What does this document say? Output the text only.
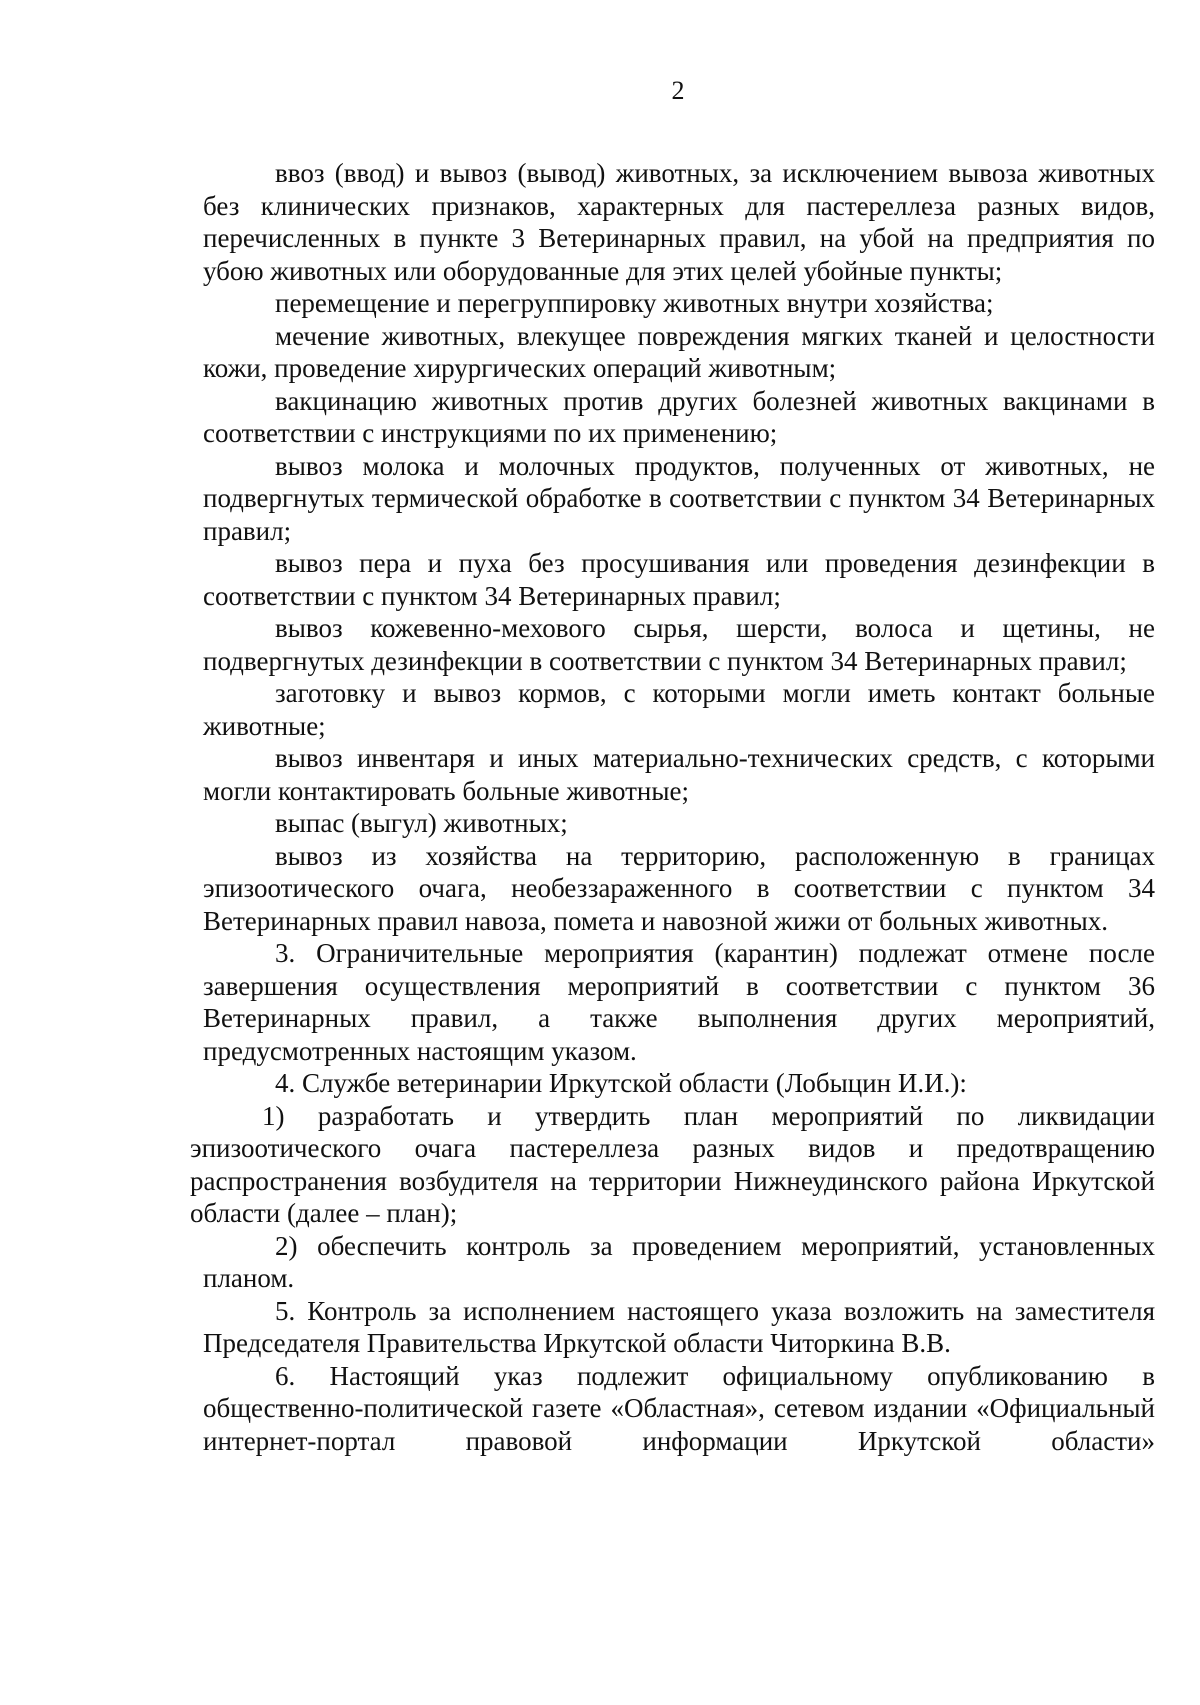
2

ввоз (ввод) и вывоз (вывод) животных, за исключением вывоза животных без клинических признаков, характерных для пастереллеза разных видов, перечисленных в пункте 3 Ветеринарных правил, на убой на предприятия по убою животных или оборудованные для этих целей убойные пункты;

перемещение и перегруппировку животных внутри хозяйства;

мечение животных, влекущее повреждения мягких тканей и целостности кожи, проведение хирургических операций животным;

вакцинацию животных против других болезней животных вакцинами в соответствии с инструкциями по их применению;

вывоз молока и молочных продуктов, полученных от животных, не подвергнутых термической обработке в соответствии с пунктом 34 Ветеринарных правил;

вывоз пера и пуха без просушивания или проведения дезинфекции в соответствии с пунктом 34 Ветеринарных правил;

вывоз кожевенно-мехового сырья, шерсти, волоса и щетины, не подвергнутых дезинфекции в соответствии с пунктом 34 Ветеринарных правил;

заготовку и вывоз кормов, с которыми могли иметь контакт больные животные;

вывоз инвентаря и иных материально-технических средств, с которыми могли контактировать больные животные;

выпас (выгул) животных;

вывоз из хозяйства на территорию, расположенную в границах эпизоотического очага, необеззараженного в соответствии с пунктом 34 Ветеринарных правил навоза, помета и навозной жижи от больных животных.

3. Ограничительные мероприятия (карантин) подлежат отмене после завершения осуществления мероприятий в соответствии с пунктом 36 Ветеринарных правил, а также выполнения других мероприятий, предусмотренных настоящим указом.

4. Службе ветеринарии Иркутской области (Лобыцин И.И.):

1) разработать и утвердить план мероприятий по ликвидации эпизоотического очага пастереллеза разных видов и предотвращению распространения возбудителя на территории Нижнеудинского района Иркутской области (далее – план);

2) обеспечить контроль за проведением мероприятий, установленных планом.

5. Контроль за исполнением настоящего указа возложить на заместителя Председателя Правительства Иркутской области Читоркина В.В.

6. Настоящий указ подлежит официальному опубликованию в общественно-политической газете «Областная», сетевом издании «Официальный интернет-портал правовой информации Иркутской области»
